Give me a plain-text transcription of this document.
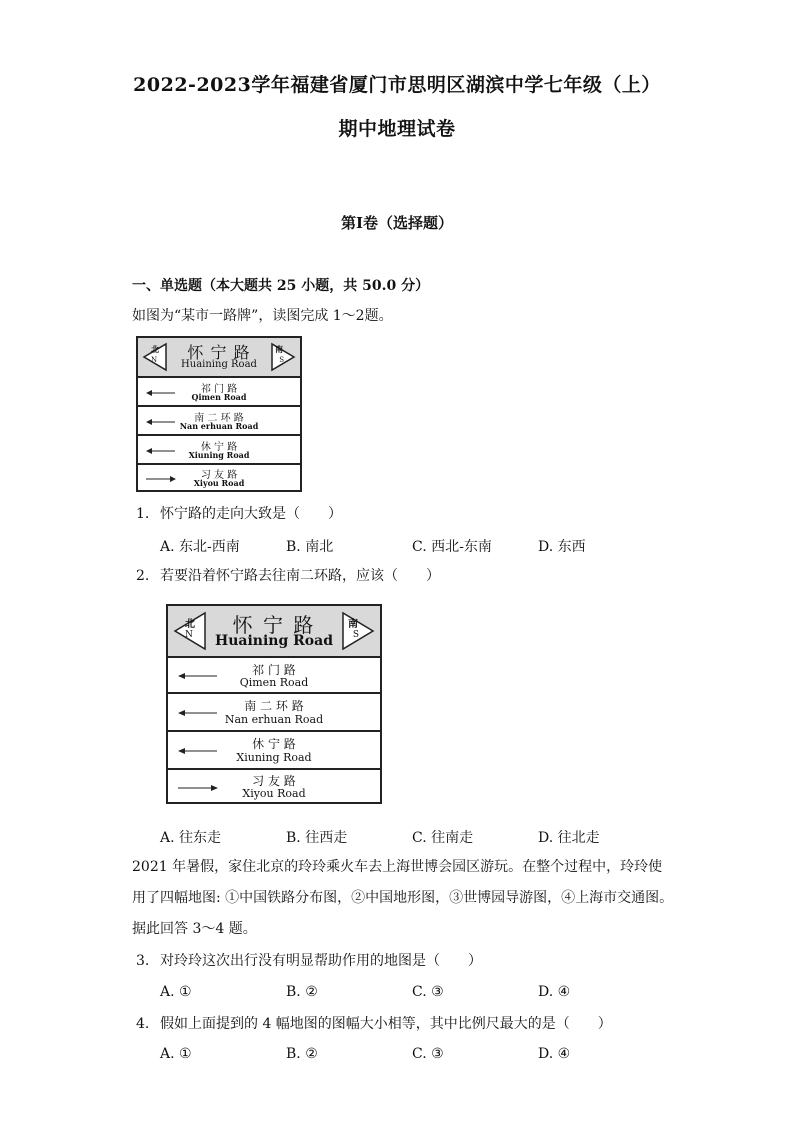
2022-2023学年福建省厦门市思明区湖滨中学七年级（上）
期中地理试卷
第I卷（选择题）
一、单选题（本大题共 25 小题，共 50.0 分）
如图为“某市一路牌”，读图完成 1～2题。
北
N
南
S
怀 宁 路
Huaining Road
祁 门 路
Qimen Road
南 二 环 路
Nan erhuan Road
休 宁 路
Xiuning Road
习 友 路
Xiyou Road
1. 怀宁路的走向大致是（　　）
A. 东北-西南	B. 南北	C. 西北-东南	D. 东西
2. 若要沿着怀宁路去往南二环路，应该（　　）
北
N
南
S
怀 宁 路
Huaining Road
祁 门 路
Qimen Road
南 二 环 路
Nan erhuan Road
休 宁 路
Xiuning Road
习 友 路
Xiyou Road
A. 往东走	B. 往西走	C. 往南走	D. 往北走
2021 年暑假，家住北京的玲玲乘火车去上海世博会园区游玩。在整个过程中，玲玲使
用了四幅地图: ①中国铁路分布图，②中国地形图，③世博园导游图，④上海市交通图。
据此回答 3～4 题。
3. 对玲玲这次出行没有明显帮助作用的地图是（　　）
A. ①	B. ②	C. ③	D. ④
4. 假如上面提到的 4 幅地图的图幅大小相等，其中比例尺最大的是（　　）
A. ①	B. ②	C. ③	D. ④
